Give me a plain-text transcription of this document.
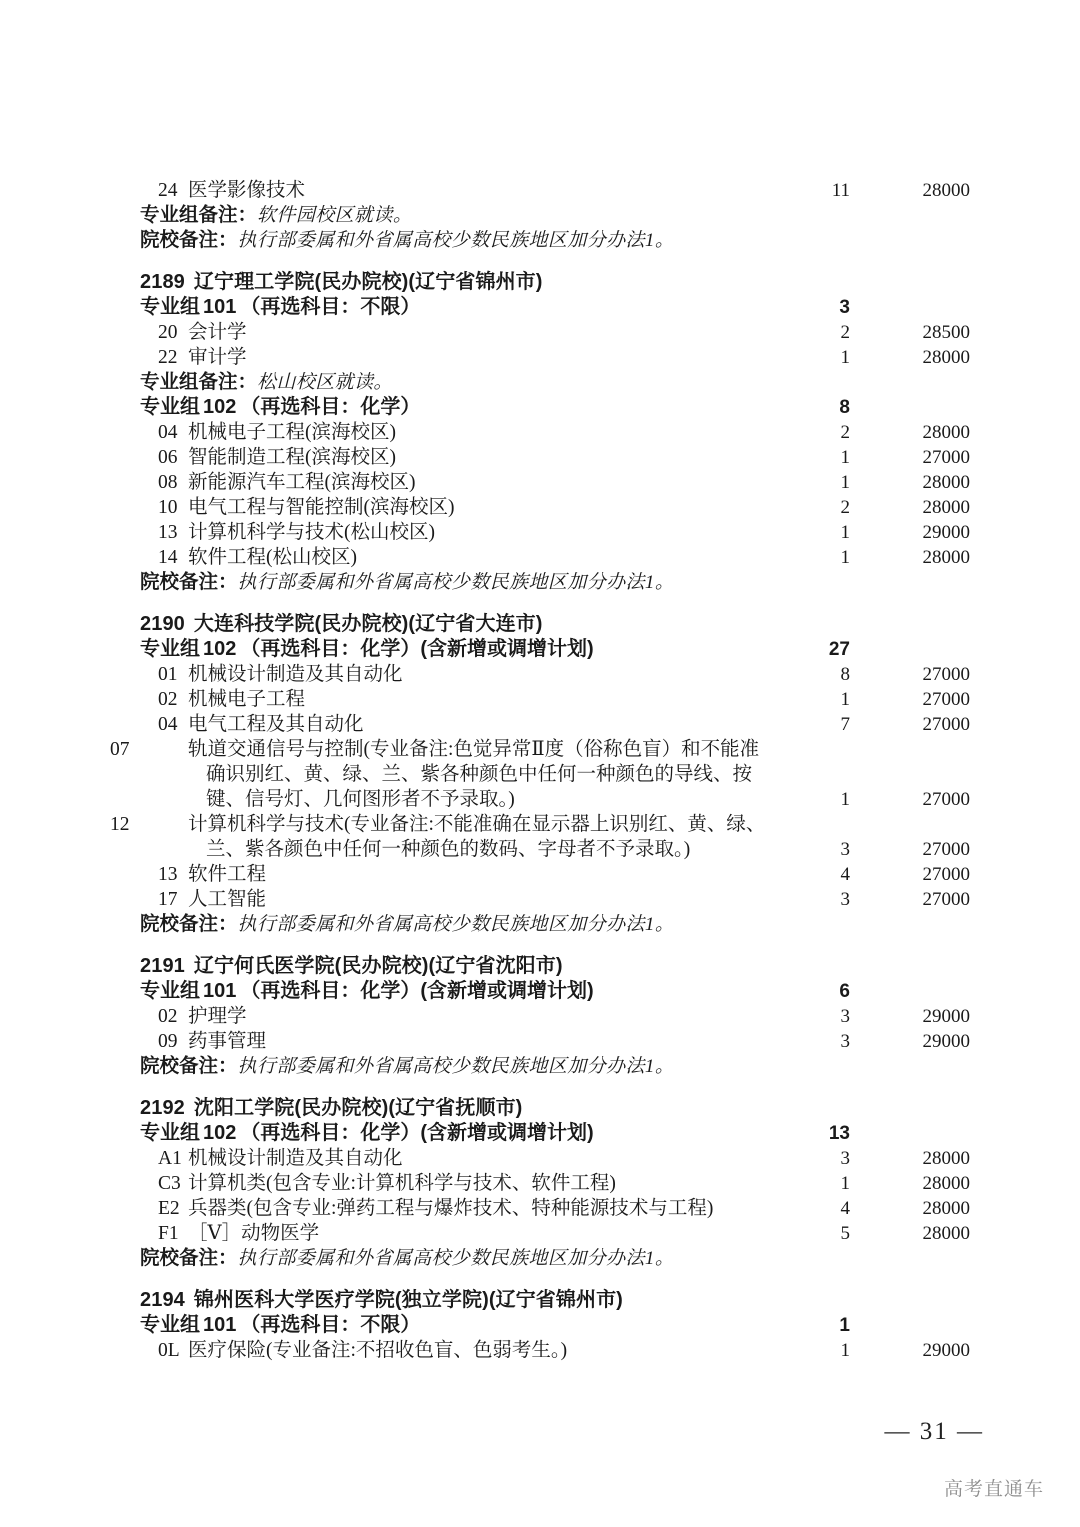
24 医学影像技术	11	28000
专业组备注：软件园校区就读。
院校备注：执行部委属和外省属高校少数民族地区加分办法1。
2189 辽宁理工学院(民办院校)(辽宁省锦州市)
专业组 101 （再选科目：不限）	3
20 会计学	2	28500
22 审计学	1	28000
专业组备注：松山校区就读。
专业组 102 （再选科目：化学）	8
04 机械电子工程(滨海校区)	2	28000
06 智能制造工程(滨海校区)	1	27000
08 新能源汽车工程(滨海校区)	1	28000
10 电气工程与智能控制(滨海校区)	2	28000
13 计算机科学与技术(松山校区)	1	29000
14 软件工程(松山校区)	1	28000
院校备注：执行部委属和外省属高校少数民族地区加分办法1。
2190 大连科技学院(民办院校)(辽宁省大连市)
专业组 102 （再选科目：化学）(含新增或调增计划)	27
01 机械设计制造及其自动化	8	27000
02 机械电子工程	1	27000
04 电气工程及其自动化	7	27000
07	轨道交通信号与控制(专业备注:色觉异常Ⅱ度（俗称色盲）和不能准确识别红、黄、绿、兰、紫各种颜色中任何一种颜色的导线、按键、信号灯、几何图形者不予录取。)	1	27000
12	计算机科学与技术(专业备注:不能准确在显示器上识别红、黄、绿、兰、紫各颜色中任何一种颜色的数码、字母者不予录取。)	3	27000
13 软件工程	4	27000
17 人工智能	3	27000
院校备注：执行部委属和外省属高校少数民族地区加分办法1。
2191 辽宁何氏医学院(民办院校)(辽宁省沈阳市)
专业组 101 （再选科目：化学）(含新增或调增计划)	6
02 护理学	3	29000
09 药事管理	3	29000
院校备注：执行部委属和外省属高校少数民族地区加分办法1。
2192 沈阳工学院(民办院校)(辽宁省抚顺市)
专业组 102 （再选科目：化学）(含新增或调增计划)	13
A1 机械设计制造及其自动化	3	28000
C3 计算机类(包含专业:计算机科学与技术、软件工程)	1	28000
E2 兵器类(包含专业:弹药工程与爆炸技术、特种能源技术与工程)	4	28000
F1 ［Ⅴ］动物医学	5	28000
院校备注：执行部委属和外省属高校少数民族地区加分办法1。
2194 锦州医科大学医疗学院(独立学院)(辽宁省锦州市)
专业组 101 （再选科目：不限）	1
0L 医疗保险(专业备注:不招收色盲、色弱考生。)	1	29000
— 31 —
高考直通车
